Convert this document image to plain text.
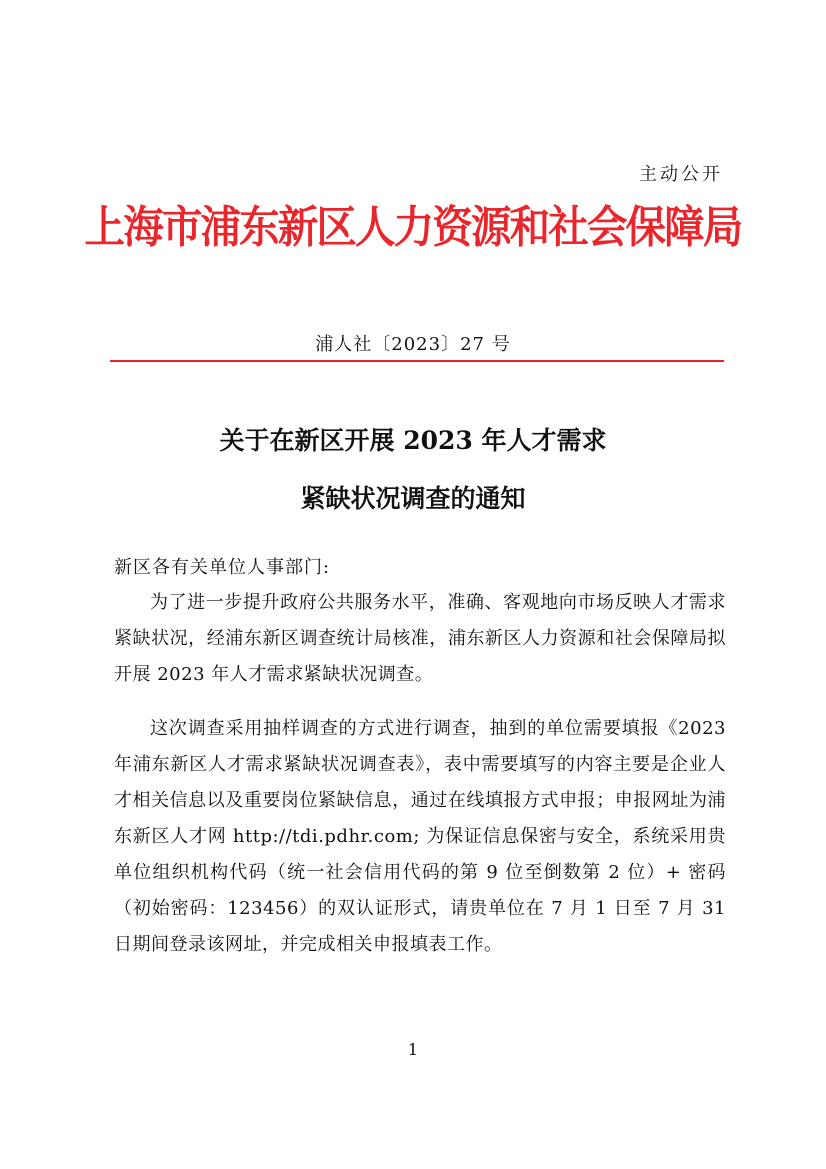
主动公开
上海市浦东新区人力资源和社会保障局
浦人社〔2023〕27 号
关于在新区开展 2023 年人才需求
紧缺状况调查的通知
新区各有关单位人事部门:
为了进一步提升政府公共服务水平，准确、客观地向市场反映人才需求紧缺状况，经浦东新区调查统计局核准，浦东新区人力资源和社会保障局拟开展 2023 年人才需求紧缺状况调查。
这次调查采用抽样调查的方式进行调查，抽到的单位需要填报《2023 年浦东新区人才需求紧缺状况调查表》，表中需要填写的内容主要是企业人才相关信息以及重要岗位紧缺信息，通过在线填报方式申报；申报网址为浦东新区人才网 http://tdi.pdhr.com; 为保证信息保密与安全，系统采用贵单位组织机构代码（统一社会信用代码的第 9 位至倒数第 2 位）+ 密码（初始密码：123456）的双认证形式，请贵单位在 7 月 1 日至 7 月 31 日期间登录该网址，并完成相关申报填表工作。
1
